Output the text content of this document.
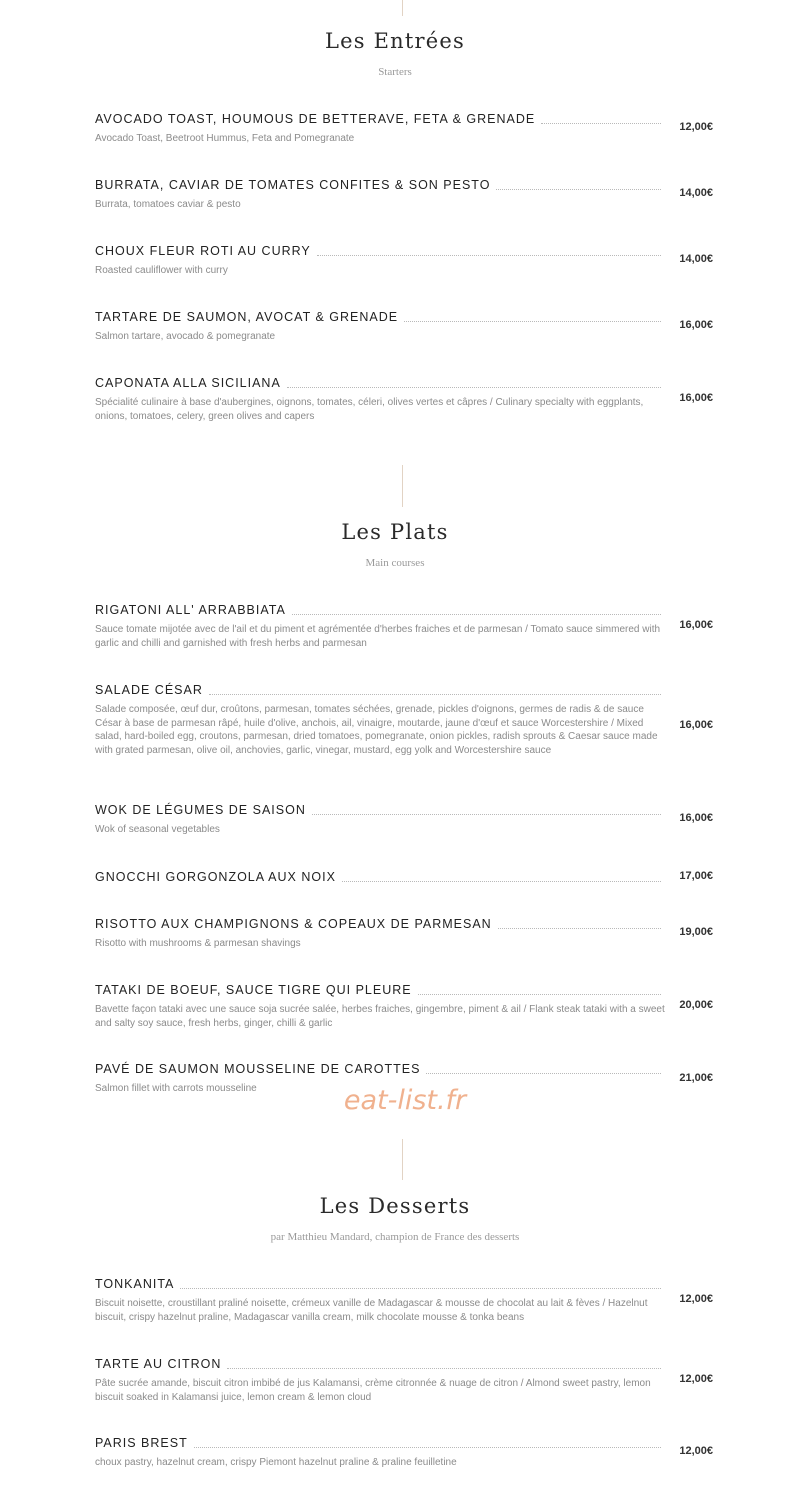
Les Entrées
Starters
AVOCADO TOAST, HOUMOUS DE BETTERAVE, FETA & GRENADE
Avocado Toast, Beetroot Hummus, Feta and Pomegranate
12,00€
BURRATA, CAVIAR DE TOMATES CONFITES & SON PESTO
Burrata, tomatoes caviar & pesto
14,00€
CHOUX FLEUR ROTI AU CURRY
Roasted cauliflower with curry
14,00€
TARTARE DE SAUMON, AVOCAT & GRENADE
Salmon tartare, avocado & pomegranate
16,00€
CAPONATA ALLA SICILIANA
Spécialité culinaire à base d'aubergines, oignons, tomates, céleri, olives vertes et câpres / Culinary specialty with eggplants, onions, tomatoes, celery, green olives and capers
16,00€
Les Plats
Main courses
RIGATONI ALL' ARRABBIATA
Sauce tomate mijotée avec de l'ail et du piment et agrémentée d'herbes fraiches et de parmesan / Tomato sauce simmered with garlic and chilli and garnished with fresh herbs and parmesan
16,00€
SALADE CÉSAR
Salade composée, œuf dur, croûtons, parmesan, tomates séchées, grenade, pickles d'oignons, germes de radis & de sauce César à base de parmesan râpé, huile d'olive, anchois, ail, vinaigre, moutarde, jaune d'œuf et sauce Worcestershire / Mixed salad, hard-boiled egg, croutons, parmesan, dried tomatoes, pomegranate, onion pickles, radish sprouts & Caesar sauce made with grated parmesan, olive oil, anchovies, garlic, vinegar, mustard, egg yolk and Worcestershire sauce
16,00€
WOK DE LÉGUMES DE SAISON
Wok of seasonal vegetables
16,00€
GNOCCHI GORGONZOLA AUX NOIX	17,00€
RISOTTO AUX CHAMPIGNONS & COPEAUX DE PARMESAN
Risotto with mushrooms & parmesan shavings
19,00€
TATAKI DE BOEUF, SAUCE TIGRE QUI PLEURE
Bavette façon tataki avec une sauce soja sucrée salée, herbes fraiches, gingembre, piment & ail / Flank steak tataki with a sweet and salty soy sauce, fresh herbs, ginger, chilli & garlic
20,00€
PAVÉ DE SAUMON MOUSSELINE DE CAROTTES
Salmon fillet with carrots mousseline
21,00€
eat-list.fr
Les Desserts
par Matthieu Mandard, champion de France des desserts
TONKANITA
Biscuit noisette, croustillant praliné noisette, crémeux vanille de Madagascar & mousse de chocolat au lait & fèves / Hazelnut biscuit, crispy hazelnut praline, Madagascar vanilla cream, milk chocolate mousse & tonka beans
12,00€
TARTE AU CITRON
Pâte sucrée amande, biscuit citron imbibé de jus Kalamansi, crème citronnée & nuage de citron / Almond sweet pastry, lemon biscuit soaked in Kalamansi juice, lemon cream & lemon cloud
12,00€
PARIS BREST
choux pastry, hazelnut cream, crispy Piemont hazelnut praline & praline feuilletine
12,00€
